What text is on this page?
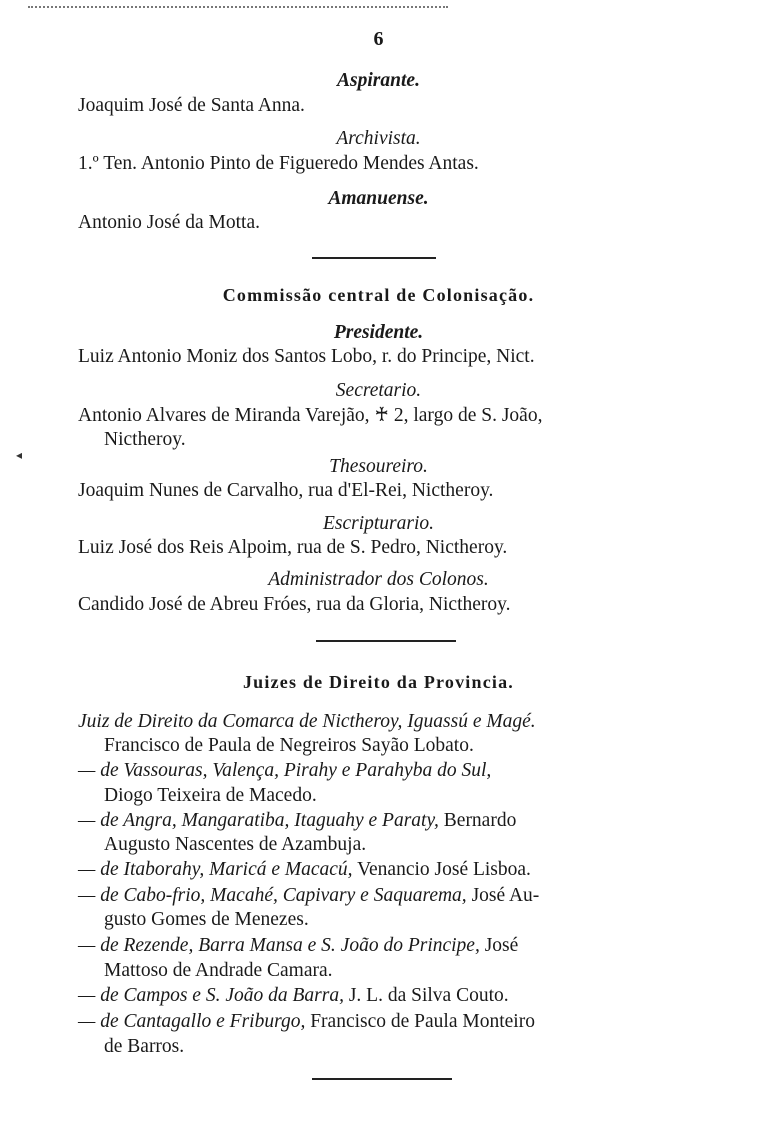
6
Aspirante.
Joaquim José de Santa Anna.
Archivista.
1.º Ten. Antonio Pinto de Figueredo Mendes Antas.
Amanuense.
Antonio José da Motta.
Commissão central de Colonisação.
Presidente.
Luiz Antonio Moniz dos Santos Lobo, r. do Principe, Nict.
Secretario.
Antonio Alvares de Miranda Varejão, ♰ 2, largo de S. João,
Nictheroy.
◂
Thesoureiro.
Joaquim Nunes de Carvalho, rua d'El-Rei, Nictheroy.
Escripturario.
Luiz José dos Reis Alpoim, rua de S. Pedro, Nictheroy.
Administrador dos Colonos.
Candido José de Abreu Fróes, rua da Gloria, Nictheroy.
Juizes de Direito da Provincia.
Juiz de Direito da Comarca de Nictheroy, Iguassú e Magé.
Francisco de Paula de Negreiros Sayão Lobato.
— de Vassouras, Valença, Pirahy e Parahyba do Sul,
Diogo Teixeira de Macedo.
— de Angra, Mangaratiba, Itaguahy e Paraty, Bernardo
Augusto Nascentes de Azambuja.
— de Itaborahy, Maricá e Macacú, Venancio José Lisboa.
— de Cabo-frio, Macahé, Capivary e Saquarema, José Au-
gusto Gomes de Menezes.
— de Rezende, Barra Mansa e S. João do Principe, José
Mattoso de Andrade Camara.
— de Campos e S. João da Barra, J. L. da Silva Couto.
— de Cantagallo e Friburgo, Francisco de Paula Monteiro
de Barros.
